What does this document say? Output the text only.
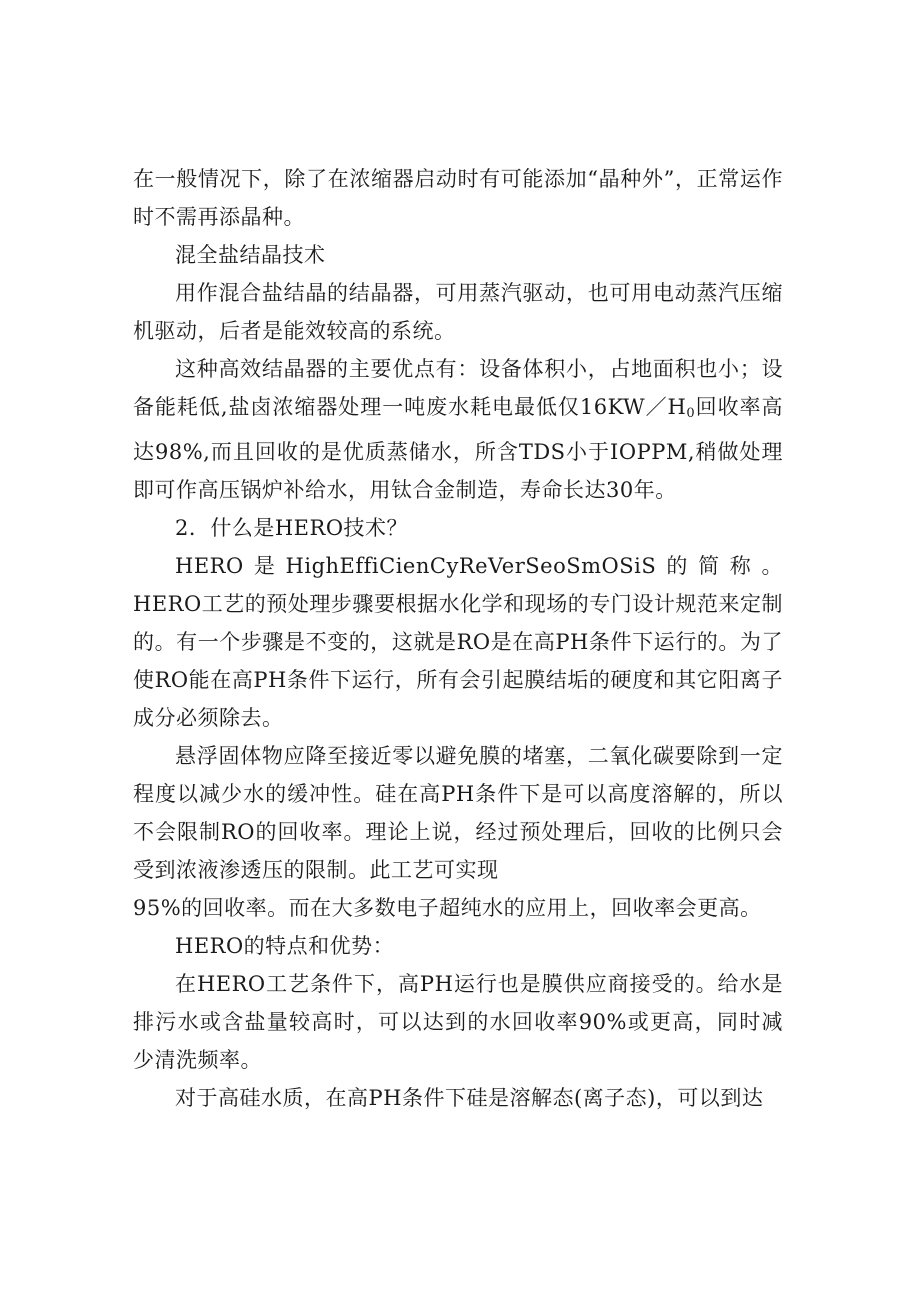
在一般情况下，除了在浓缩器启动时有可能添加“晶种外”，正常运作时不需再添晶种。

混全盐结晶技术

用作混合盐结晶的结晶器，可用蒸汽驱动，也可用电动蒸汽压缩机驱动，后者是能效较高的系统。

这种高效结晶器的主要优点有：设备体积小，占地面积也小；设备能耗低,盐卤浓缩器处理一吨废水耗电最低仅$16KW/H_0$回收率高达98%,而且回收的是优质蒸储水，所含TDS小于IOPPM,稍做处理即可作高压锅炉补给水，用钛合金制造，寿命长达30年。

2．什么是HERO技术？

HERO是HighEffiCienCyReVerSeoSmOSiS的简称。HERO工艺的预处理步骤要根据水化学和现场的专门设计规范来定制的。有一个步骤是不变的，这就是RO是在高PH条件下运行的。为了使RO能在高PH条件下运行，所有会引起膜结垢的硬度和其它阳离子成分必须除去。

悬浮固体物应降至接近零以避免膜的堵塞，二氧化碳要除到一定程度以减少水的缓冲性。硅在高PH条件下是可以高度溶解的，所以不会限制RO的回收率。理论上说，经过预处理后，回收的比例只会受到浓液渗透压的限制。此工艺可实现

95%的回收率。而在大多数电子超纯水的应用上，回收率会更高。

HERO的特点和优势：

在HERO工艺条件下，高PH运行也是膜供应商接受的。给水是排污水或含盐量较高时，可以达到的水回收率90%或更高，同时减少清洗频率。

对于高硅水质，在高PH条件下硅是溶解态(离子态)，可以到达
